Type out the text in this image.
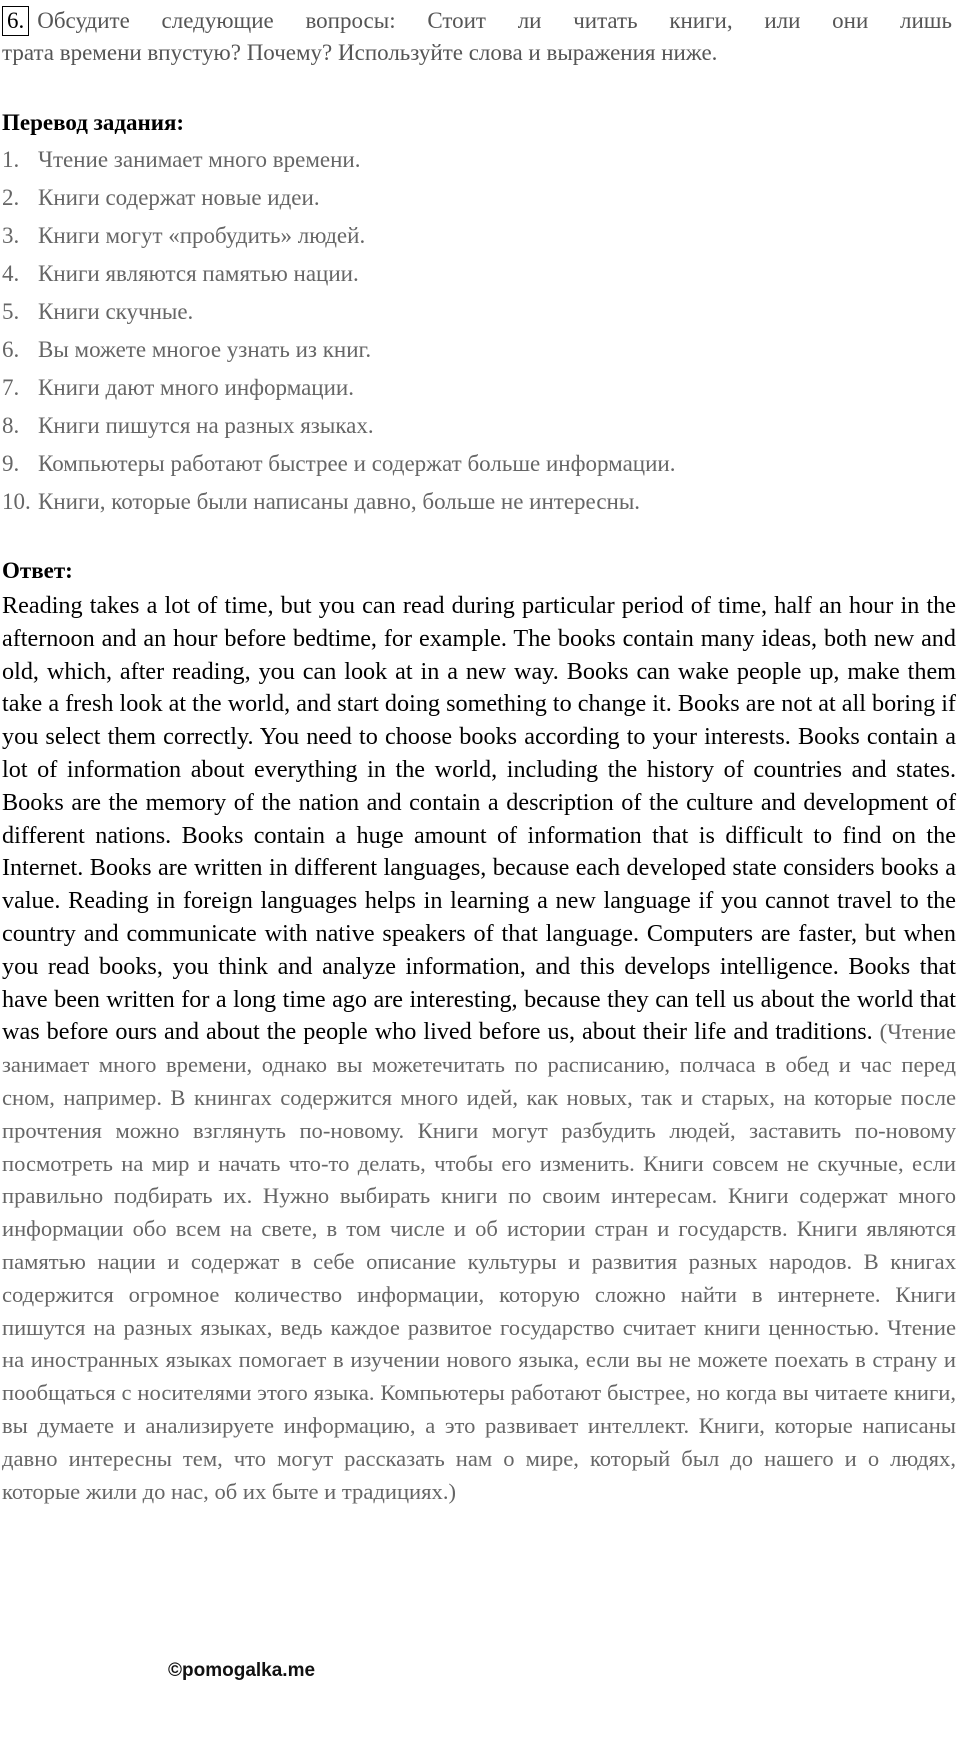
6. Обсудите следующие вопросы: Стоит ли читать книги, или они лишь
трата времени впустую? Почему? Используйте слова и выражения ниже.
Перевод задания:
1. Чтение занимает много времени.
2. Книги содержат новые идеи.
3. Книги могут «пробудить» людей.
4. Книги являются памятью нации.
5. Книги скучные.
6. Вы можете многое узнать из книг.
7. Книги дают много информации.
8. Книги пишутся на разных языках.
9. Компьютеры работают быстрее и содержат больше информации.
10. Книги, которые были написаны давно, больше не интересны.
Ответ:

Reading takes a lot of time, but you can read during particular period of time, half an hour in the afternoon and an hour before bedtime, for example. The books contain many ideas, both new and old, which, after reading, you can look at in a new way. Books can wake people up, make them take a fresh look at the world, and start doing something to change it. Books are not at all boring if you select them correctly. You need to choose books according to your interests. Books contain a lot of information about everything in the world, including the history of countries and states. Books are the memory of the nation and contain a description of the culture and development of different nations. Books contain a huge amount of information that is difficult to find on the Internet. Books are written in different languages, because each developed state considers books a value. Reading in foreign languages helps in learning a new language if you cannot travel to the country and communicate with native speakers of that language. Computers are faster, but when you read books, you think and analyze information, and this develops intelligence. Books that have been written for a long time ago are interesting, because they can tell us about the world that was before ours and about the people who lived before us, about their life and traditions. (Чтение занимает много времени, однако вы можетечитать по расписанию, полчаса в обед и час перед сном, например. В кнингах содержится много идей, как новых, так и старых, на которые после прочтения можно взглянуть по-новому. Книги могут разбудить людей, заставить по-новому посмотреть на мир и начать что-то делать, чтобы его изменить. Книги совсем не скучные, если правильно подбирать их. Нужно выбирать книги по своим интересам. Книги содержат много информации обо всем на свете, в том числе и об истории стран и государств. Книги являются памятью нации и содержат в себе описание культуры и развития разных народов. В книгах содержится огромное количество информации, которую сложно найти в интернете. Книги пишутся на разных языках, ведь каждое развитое государство считает книги ценностью. Чтение на иностранных языках помогает в изучении нового языка, если вы не можете поехать в страну и пообщаться с носителями этого языка. Компьютеры работают быстрее, но когда вы читаете книги, вы думаете и анализируете информацию, а это развивает интеллект. Книги, которые написаны давно интересны тем, что могут рассказать нам о мире, который был до нашего и о людях, которые жили до нас, об их быте и традициях.)

©pomogalka.me
